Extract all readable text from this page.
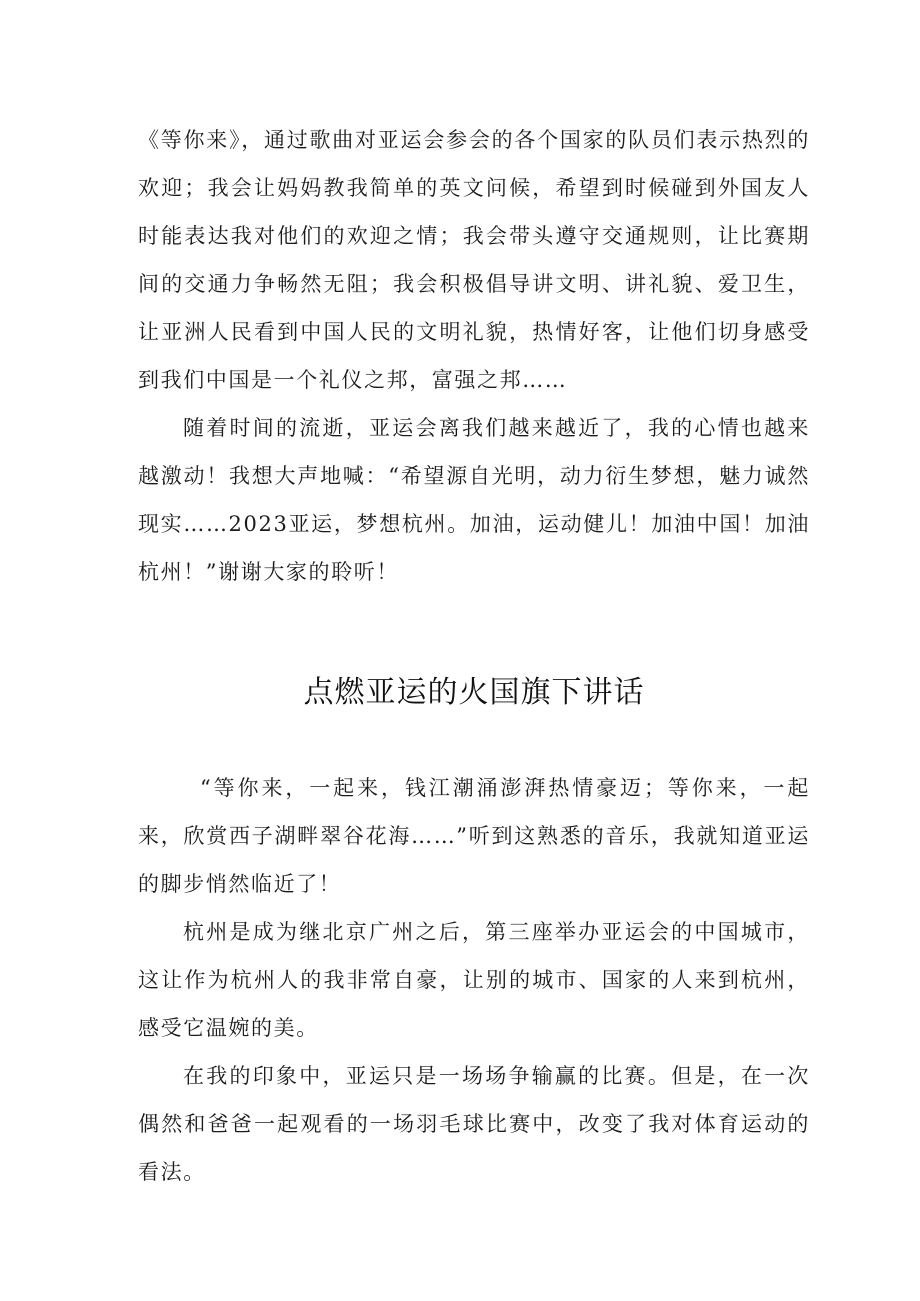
《等你来》，通过歌曲对亚运会参会的各个国家的队员们表示热烈的欢迎；我会让妈妈教我简单的英文问候，希望到时候碰到外国友人时能表达我对他们的欢迎之情；我会带头遵守交通规则，让比赛期间的交通力争畅然无阻；我会积极倡导讲文明、讲礼貌、爱卫生，让亚洲人民看到中国人民的文明礼貌，热情好客，让他们切身感受到我们中国是一个礼仪之邦，富强之邦……

随着时间的流逝，亚运会离我们越来越近了，我的心情也越来越激动！我想大声地喊：“希望源自光明，动力衍生梦想，魅力诚然现实……2023亚运，梦想杭州。加油，运动健儿！加油中国！加油杭州！”谢谢大家的聆听！

点燃亚运的火国旗下讲话

“等你来，一起来，钱江潮涌澎湃热情豪迈；等你来，一起来，欣赏西子湖畔翠谷花海……”听到这熟悉的音乐，我就知道亚运的脚步悄然临近了！

杭州是成为继北京广州之后，第三座举办亚运会的中国城市，这让作为杭州人的我非常自豪，让别的城市、国家的人来到杭州，感受它温婉的美。

在我的印象中，亚运只是一场场争输赢的比赛。但是，在一次偶然和爸爸一起观看的一场羽毛球比赛中，改变了我对体育运动的看法。
